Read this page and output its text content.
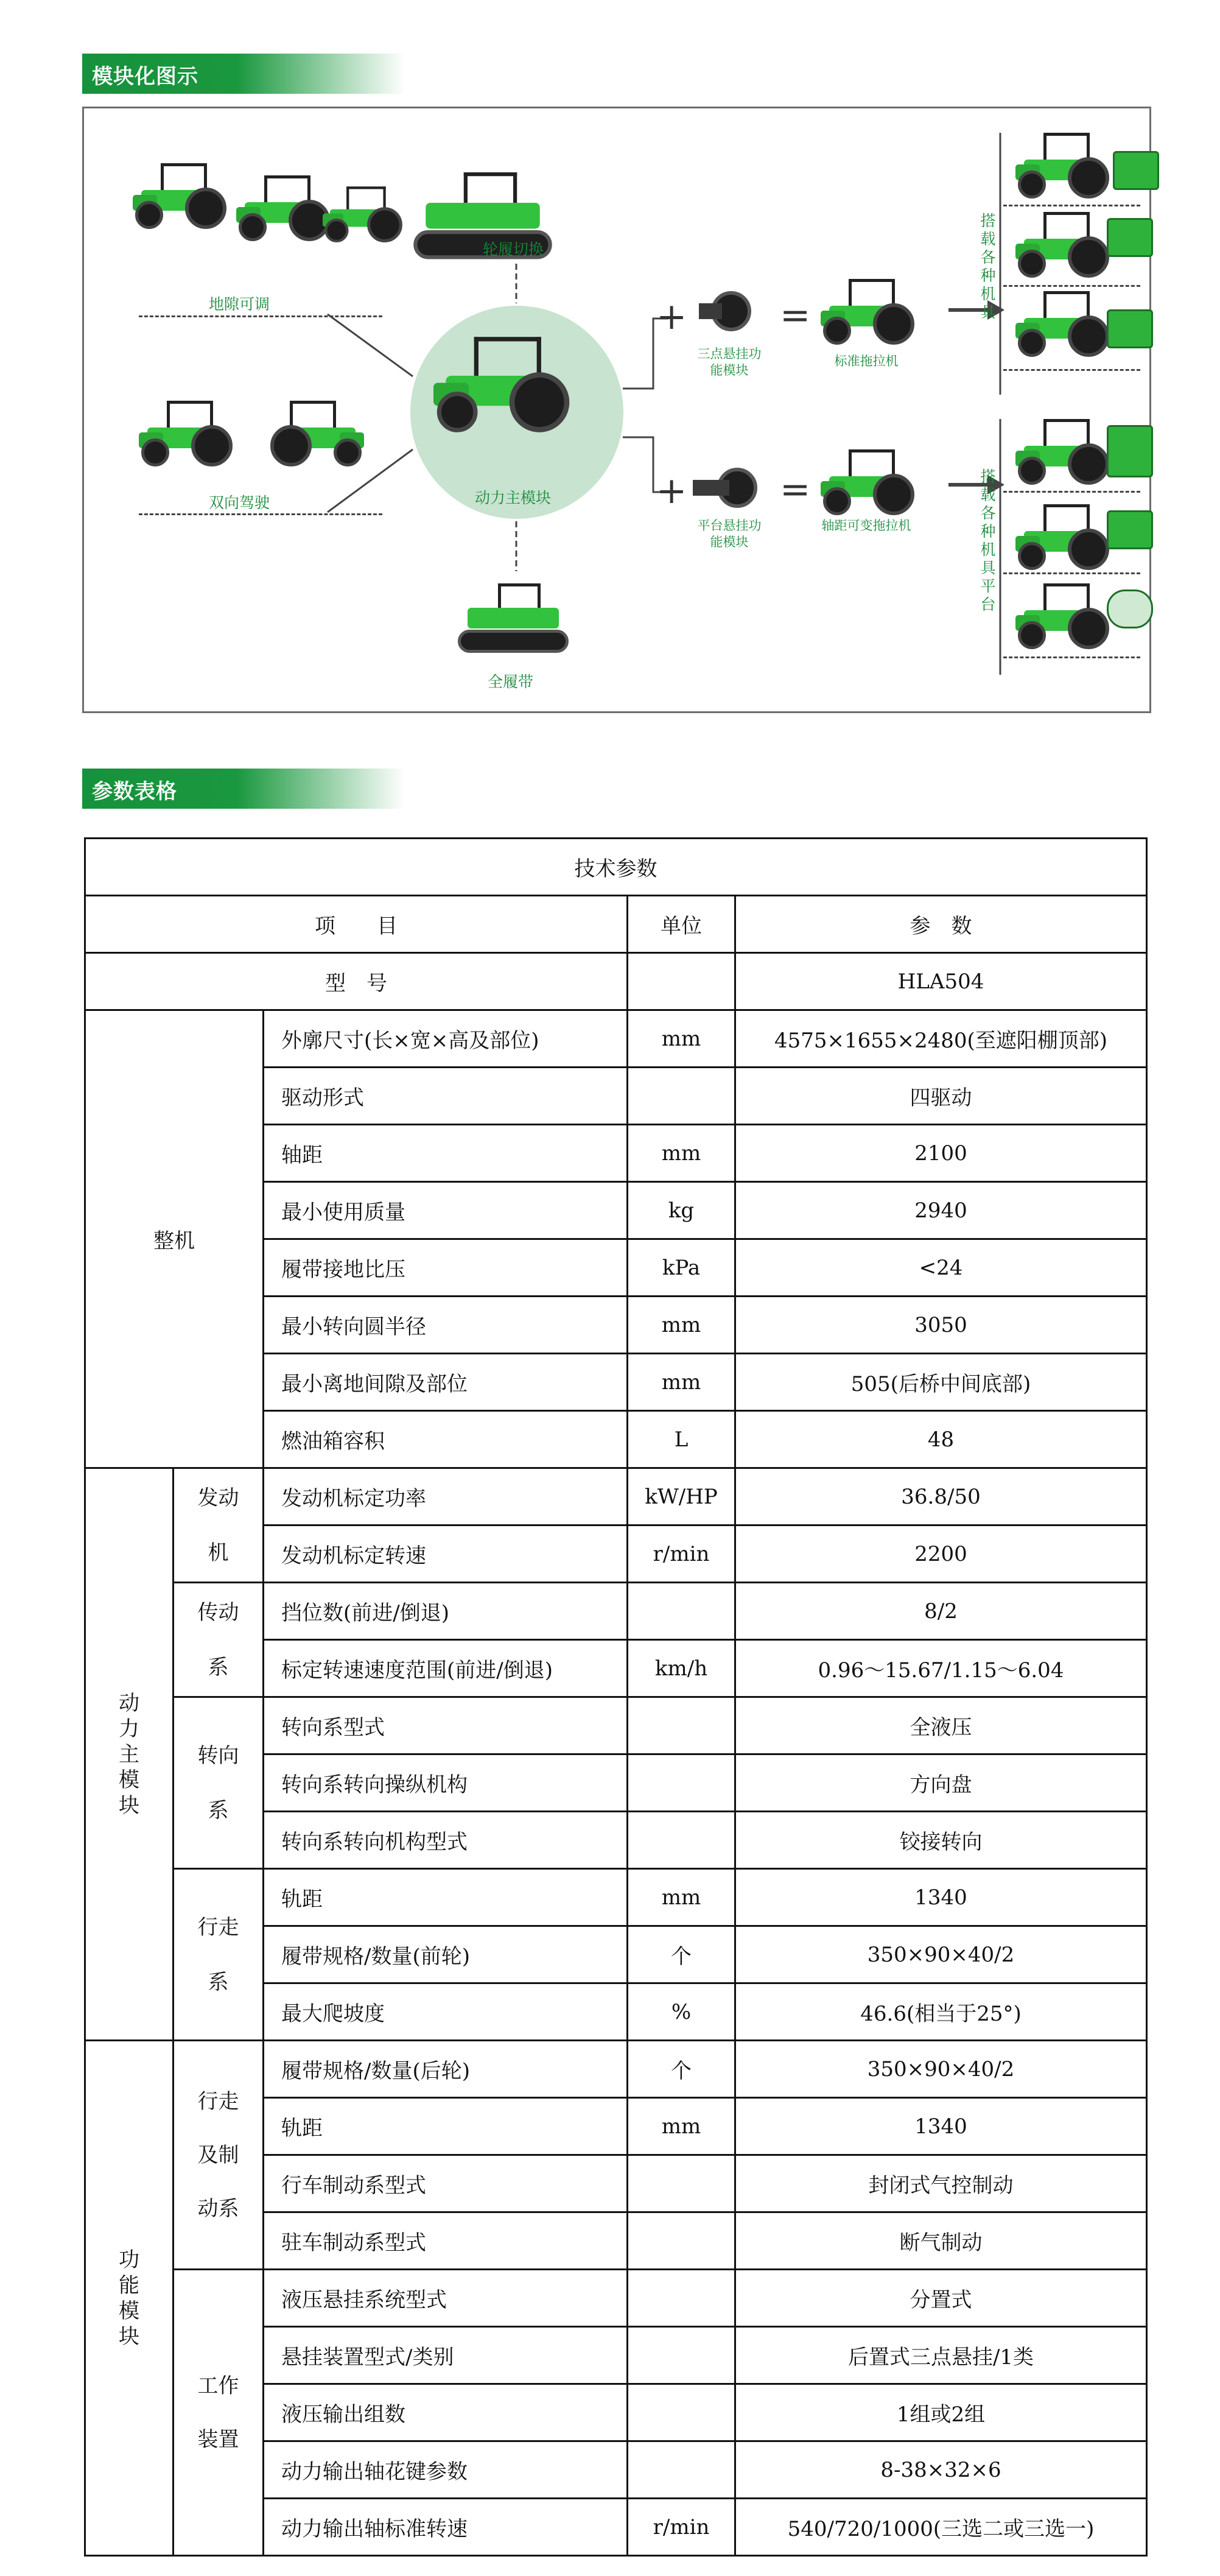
模块化图示
地隙可调
轮履切换
双向驾驶	动力主模块
全履带
+
三点悬挂功能模块
=
标准拖拉机
搭载各种机具
+
平台悬挂功能模块
=
轴距可变拖拉机
搭载各种机具平台
参数表格
技术参数				
项　　目			单位	参　数
型　号				HLA504
整机		外廓尺寸(长×宽×高及部位)	mm	4575×1655×2480(至遮阳棚顶部)
		驱动形式		四驱动
		轴距	mm	2100
		最小使用质量	kg	2940
		履带接地比压	kPa	<24
		最小转向圆半径	mm	3050
		最小离地间隙及部位	mm	505(后桥中间底部)
		燃油箱容积	L	48
动力主模块	发动机	发动机标定功率	kW/HP	36.8/50
		发动机标定转速	r/min	2200
	传动系	挡位数(前进/倒退)		8/2
		标定转速速度范围(前进/倒退)	km/h	0.96～15.67/1.15～6.04
	转向系	转向系型式		全液压
		转向系转向操纵机构		方向盘
		转向系转向机构型式		铰接转向
	行走系	轨距	mm	1340
		履带规格/数量(前轮)	个	350×90×40/2
		最大爬坡度	%	46.6(相当于25°)
功能模块	行走及制动系	履带规格/数量(后轮)	个	350×90×40/2
		轨距	mm	1340
		行车制动系型式		封闭式气控制动
		驻车制动系型式		断气制动
	工作装置	液压悬挂系统型式		分置式
		悬挂装置型式/类别		后置式三点悬挂/1类
		液压输出组数		1组或2组
		动力输出轴花键参数		8-38×32×6
		动力输出轴标准转速	r/min	540/720/1000(三选二或三选一)
